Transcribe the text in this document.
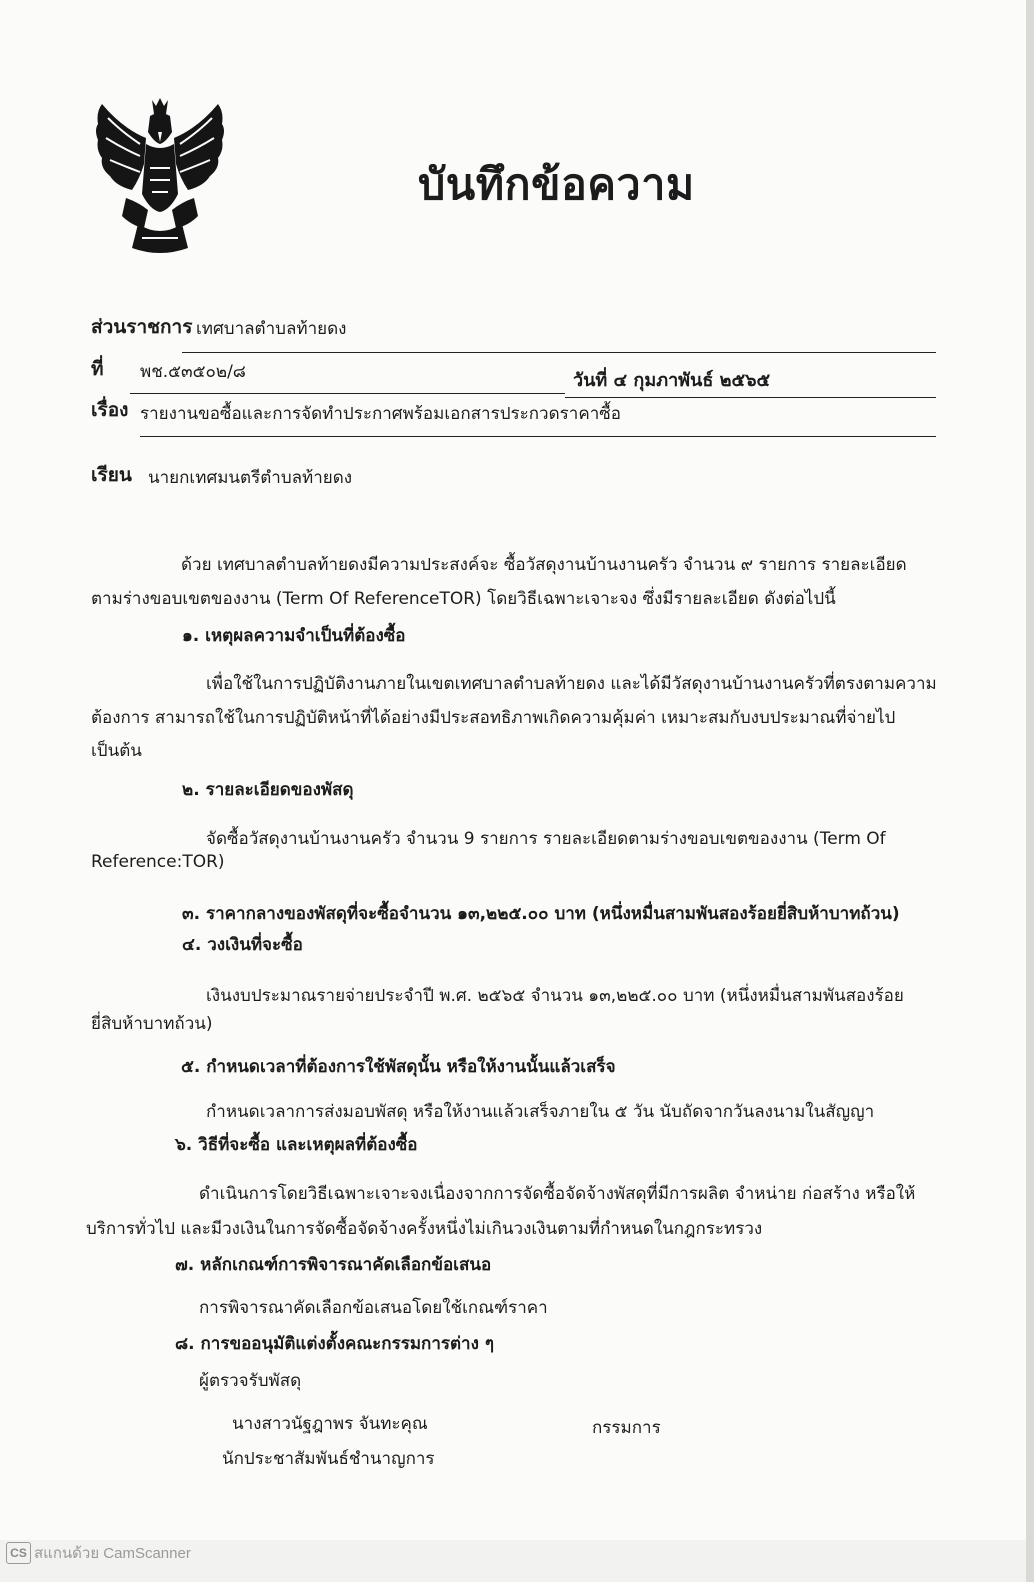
บันทึกข้อความ
ส่วนราชการ เทศบาลตำบลท้ายดง
ที่ พช.๕๓๕๐๒/๘	วันที่ ๔ กุมภาพันธ์ ๒๕๖๕
เรื่อง รายงานขอซื้อและการจัดทำประกาศพร้อมเอกสารประกวดราคาซื้อ
เรียน นายกเทศมนตรีตำบลท้ายดง
ด้วย เทศบาลตำบลท้ายดงมีความประสงค์จะ ซื้อวัสดุงานบ้านงานครัว จำนวน ๙ รายการ รายละเอียด
ตามร่างขอบเขตของงาน (Term Of ReferenceTOR) โดยวิธีเฉพาะเจาะจง ซึ่งมีรายละเอียด ดังต่อไปนี้
๑. เหตุผลความจำเป็นที่ต้องซื้อ
เพื่อใช้ในการปฏิบัติงานภายในเขตเทศบาลตำบลท้ายดง และได้มีวัสดุงานบ้านงานครัวที่ตรงตามความ
ต้องการ สามารถใช้ในการปฏิบัติหน้าที่ได้อย่างมีประสอทธิภาพเกิดความคุ้มค่า เหมาะสมกับงบประมาณที่จ่ายไป
เป็นต้น
๒. รายละเอียดของพัสดุ
จัดซื้อวัสดุงานบ้านงานครัว จำนวน 9 รายการ รายละเอียดตามร่างขอบเขตของงาน (Term Of
Reference:TOR)
๓. ราคากลางของพัสดุที่จะซื้อจำนวน ๑๓,๒๒๕.๐๐ บาท (หนึ่งหมื่นสามพันสองร้อยยี่สิบห้าบาทถ้วน)
๔. วงเงินที่จะซื้อ
เงินงบประมาณรายจ่ายประจำปี พ.ศ. ๒๕๖๕ จำนวน ๑๓,๒๒๕.๐๐ บาท (หนึ่งหมื่นสามพันสองร้อย
ยี่สิบห้าบาทถ้วน)
๕. กำหนดเวลาที่ต้องการใช้พัสดุนั้น หรือให้งานนั้นแล้วเสร็จ
กำหนดเวลาการส่งมอบพัสดุ หรือให้งานแล้วเสร็จภายใน ๕ วัน นับถัดจากวันลงนามในสัญญา
๖. วิธีที่จะซื้อ และเหตุผลที่ต้องซื้อ
ดำเนินการโดยวิธีเฉพาะเจาะจงเนื่องจากการจัดซื้อจัดจ้างพัสดุที่มีการผลิต จำหน่าย ก่อสร้าง หรือให้
บริการทั่วไป และมีวงเงินในการจัดซื้อจัดจ้างครั้งหนึ่งไม่เกินวงเงินตามที่กำหนดในกฎกระทรวง
๗. หลักเกณฑ์การพิจารณาคัดเลือกข้อเสนอ
การพิจารณาคัดเลือกข้อเสนอโดยใช้เกณฑ์ราคา
๘. การขออนุมัติแต่งตั้งคณะกรรมการต่าง ๆ
ผู้ตรวจรับพัสดุ
นางสาวนัฐฎาพร จันทะคุณ	กรรมการ
นักประชาสัมพันธ์ชำนาญการ
CS สแกนด้วย CamScanner
